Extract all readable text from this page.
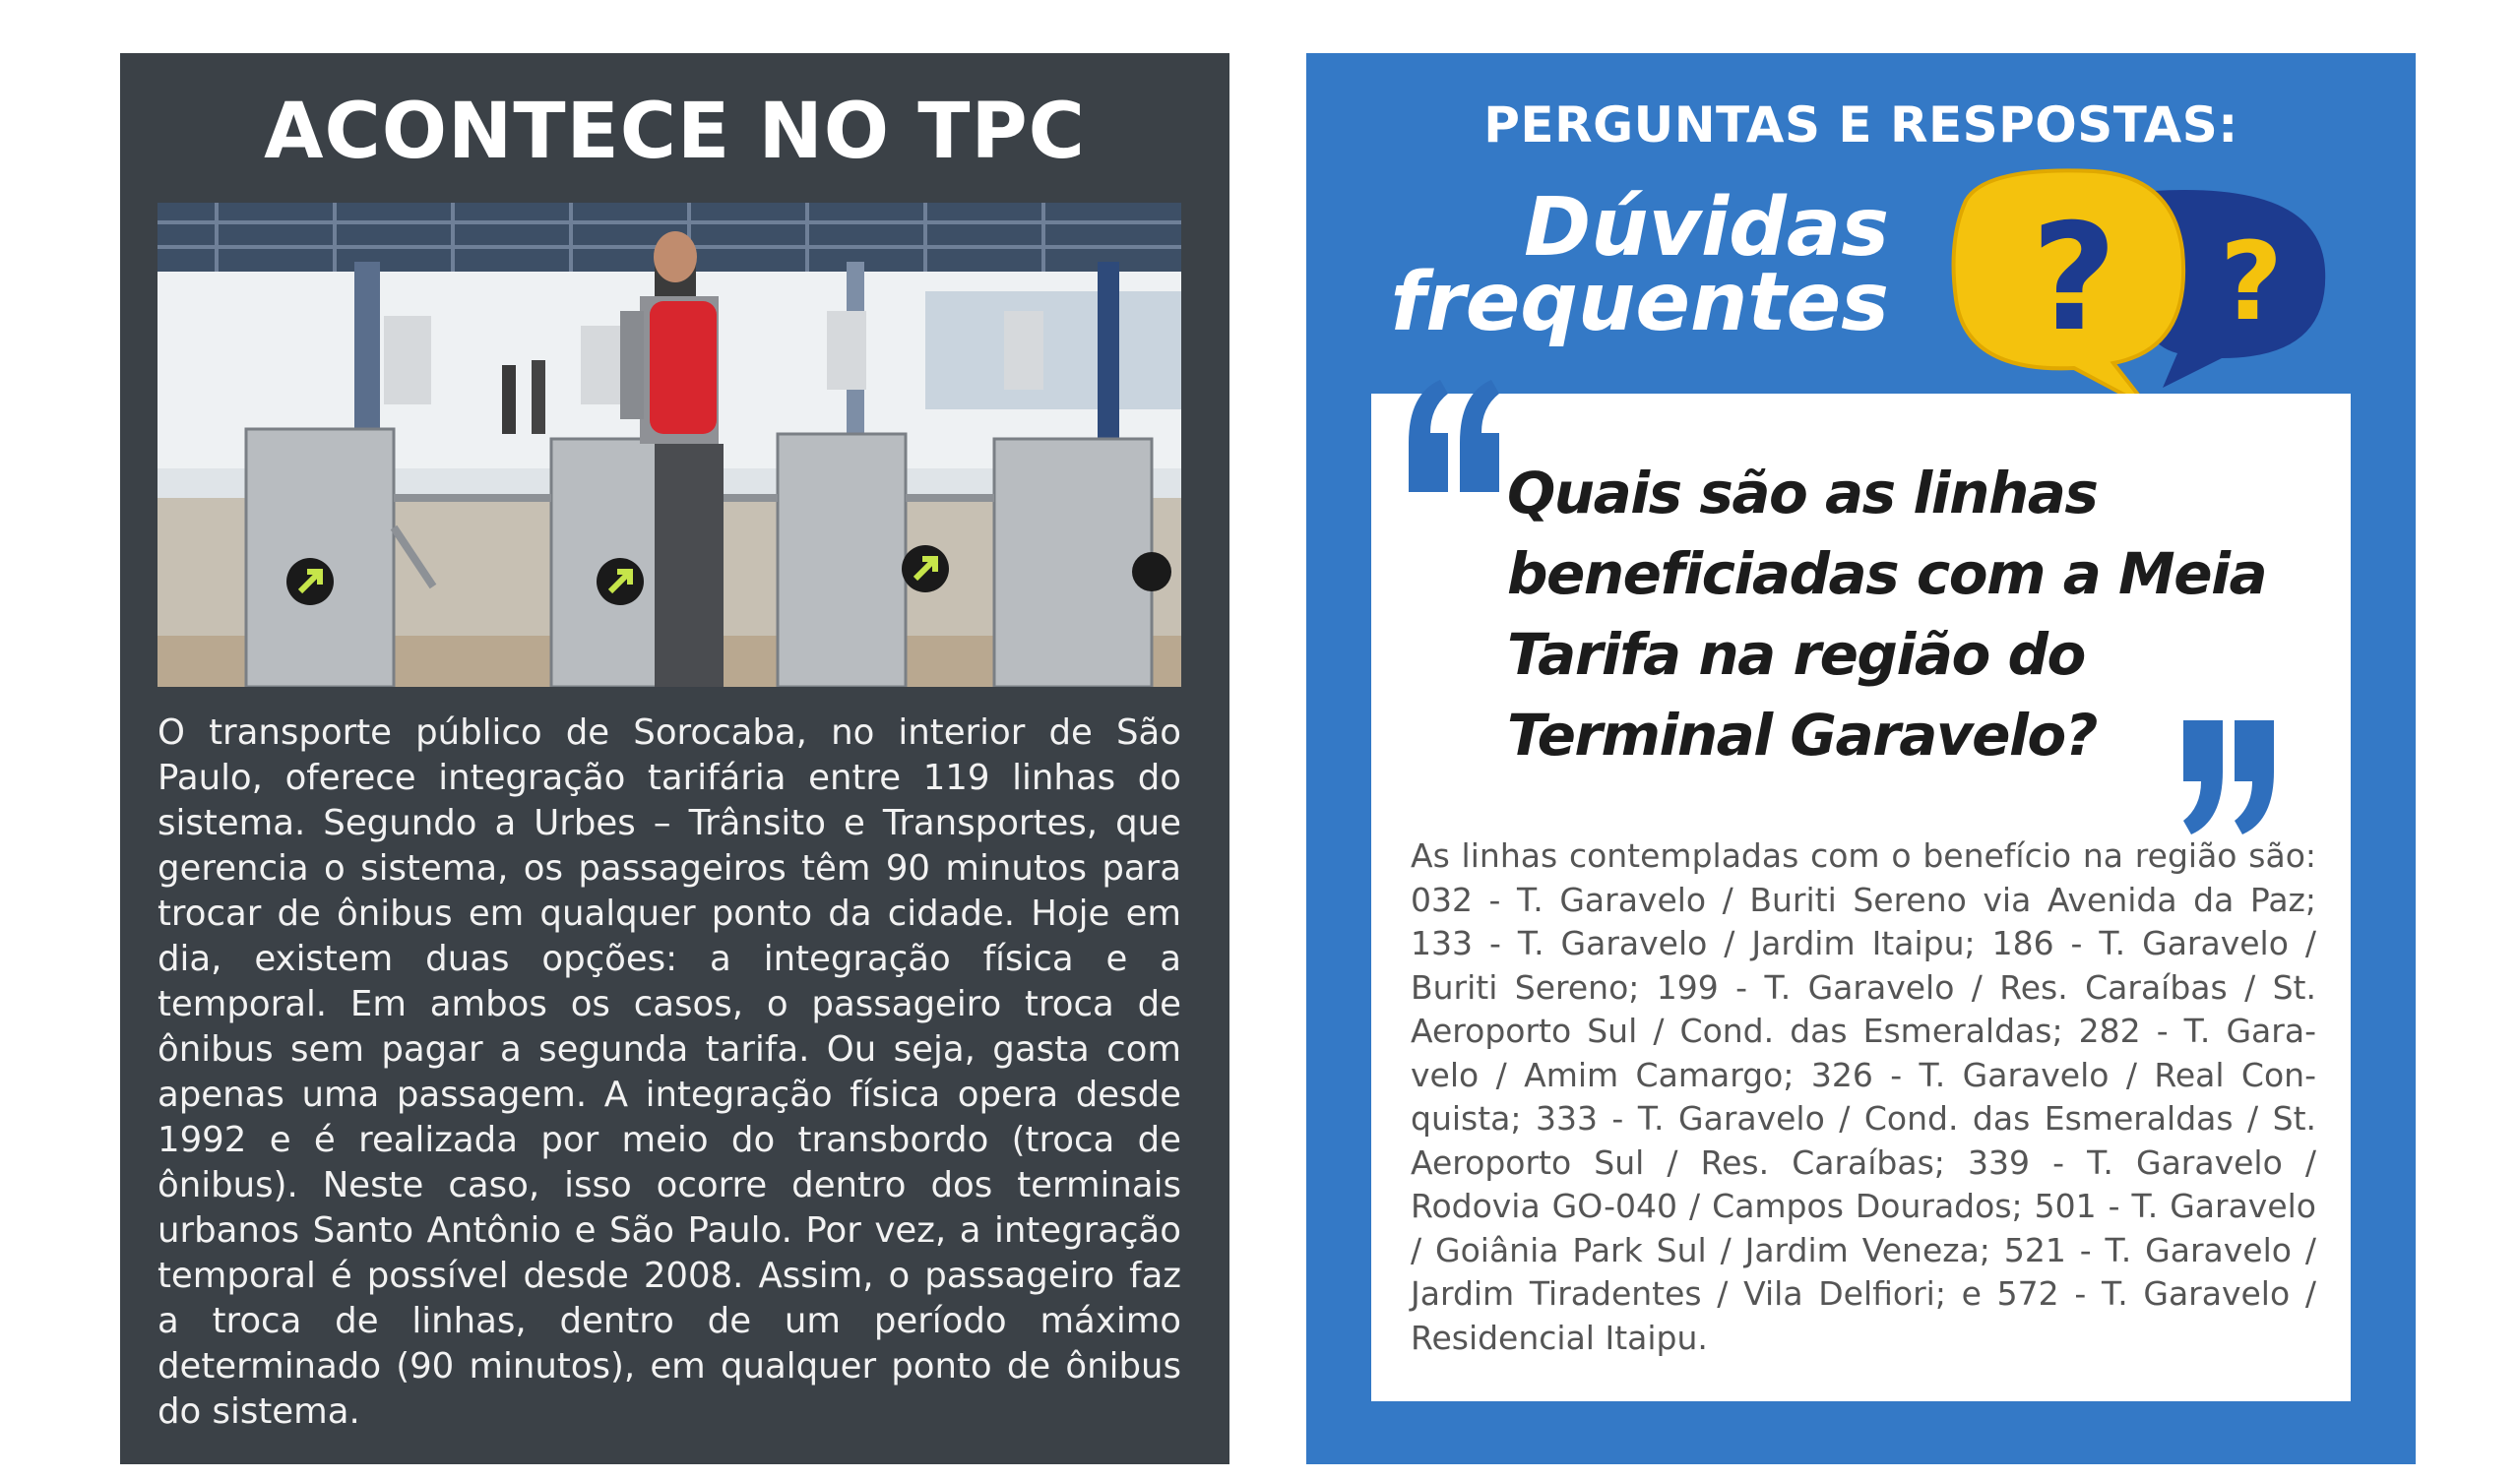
ACONTECE NO TPC

O transporte público de Sorocaba, no interior de São Paulo, oferece integração tarifária entre 119 linhas do sistema. Segundo a Urbes – Trânsito e Transportes, que gerencia o sistema, os passageiros têm 90 minutos para trocar de ônibus em qualquer ponto da cidade. Hoje em dia, existem duas opções: a integração física e a temporal. Em ambos os casos, o passageiro troca de ônibus sem pagar a segunda tarifa. Ou seja, gasta com apenas uma passagem. A integração física opera desde 1992 e é realizada por meio do transbordo (troca de ônibus). Neste caso, isso ocorre dentro dos terminais urbanos Santo Antônio e São Paulo. Por vez, a integração temporal é possível desde 2008. Assim, o passageiro faz a troca de linhas, dentro de um período máximo determinado (90 minutos), em qualquer ponto de ônibus do sistema.

PERGUNTAS E RESPOSTAS:
Dúvidas
frequentes ? ?

Quais são as linhas beneficiadas com a Meia Tarifa na região do Terminal Garavelo?

As linhas contempladas com o benefício na região são: 032 - T. Garavelo / Buriti Sereno via Avenida da Paz; 133 - T. Garavelo / Jardim Itaipu; 186 - T. Garavelo / Buriti Sereno; 199 - T. Garavelo / Res. Caraíbas / St. Aeroporto Sul / Cond. das Esmeraldas; 282 - T. Garavelo / Amim Camargo; 326 - T. Garavelo / Real Conquista; 333 - T. Garavelo / Cond. das Esmeraldas / St. Aeroporto Sul / Res. Caraíbas; 339 - T. Garavelo / Rodovia GO-040 / Campos Dourados; 501 - T. Garavelo / Goiânia Park Sul / Jardim Veneza; 521 - T. Garavelo / Jardim Tiradentes / Vila Delfiori; e 572 - T. Garavelo / Residencial Itaipu.
